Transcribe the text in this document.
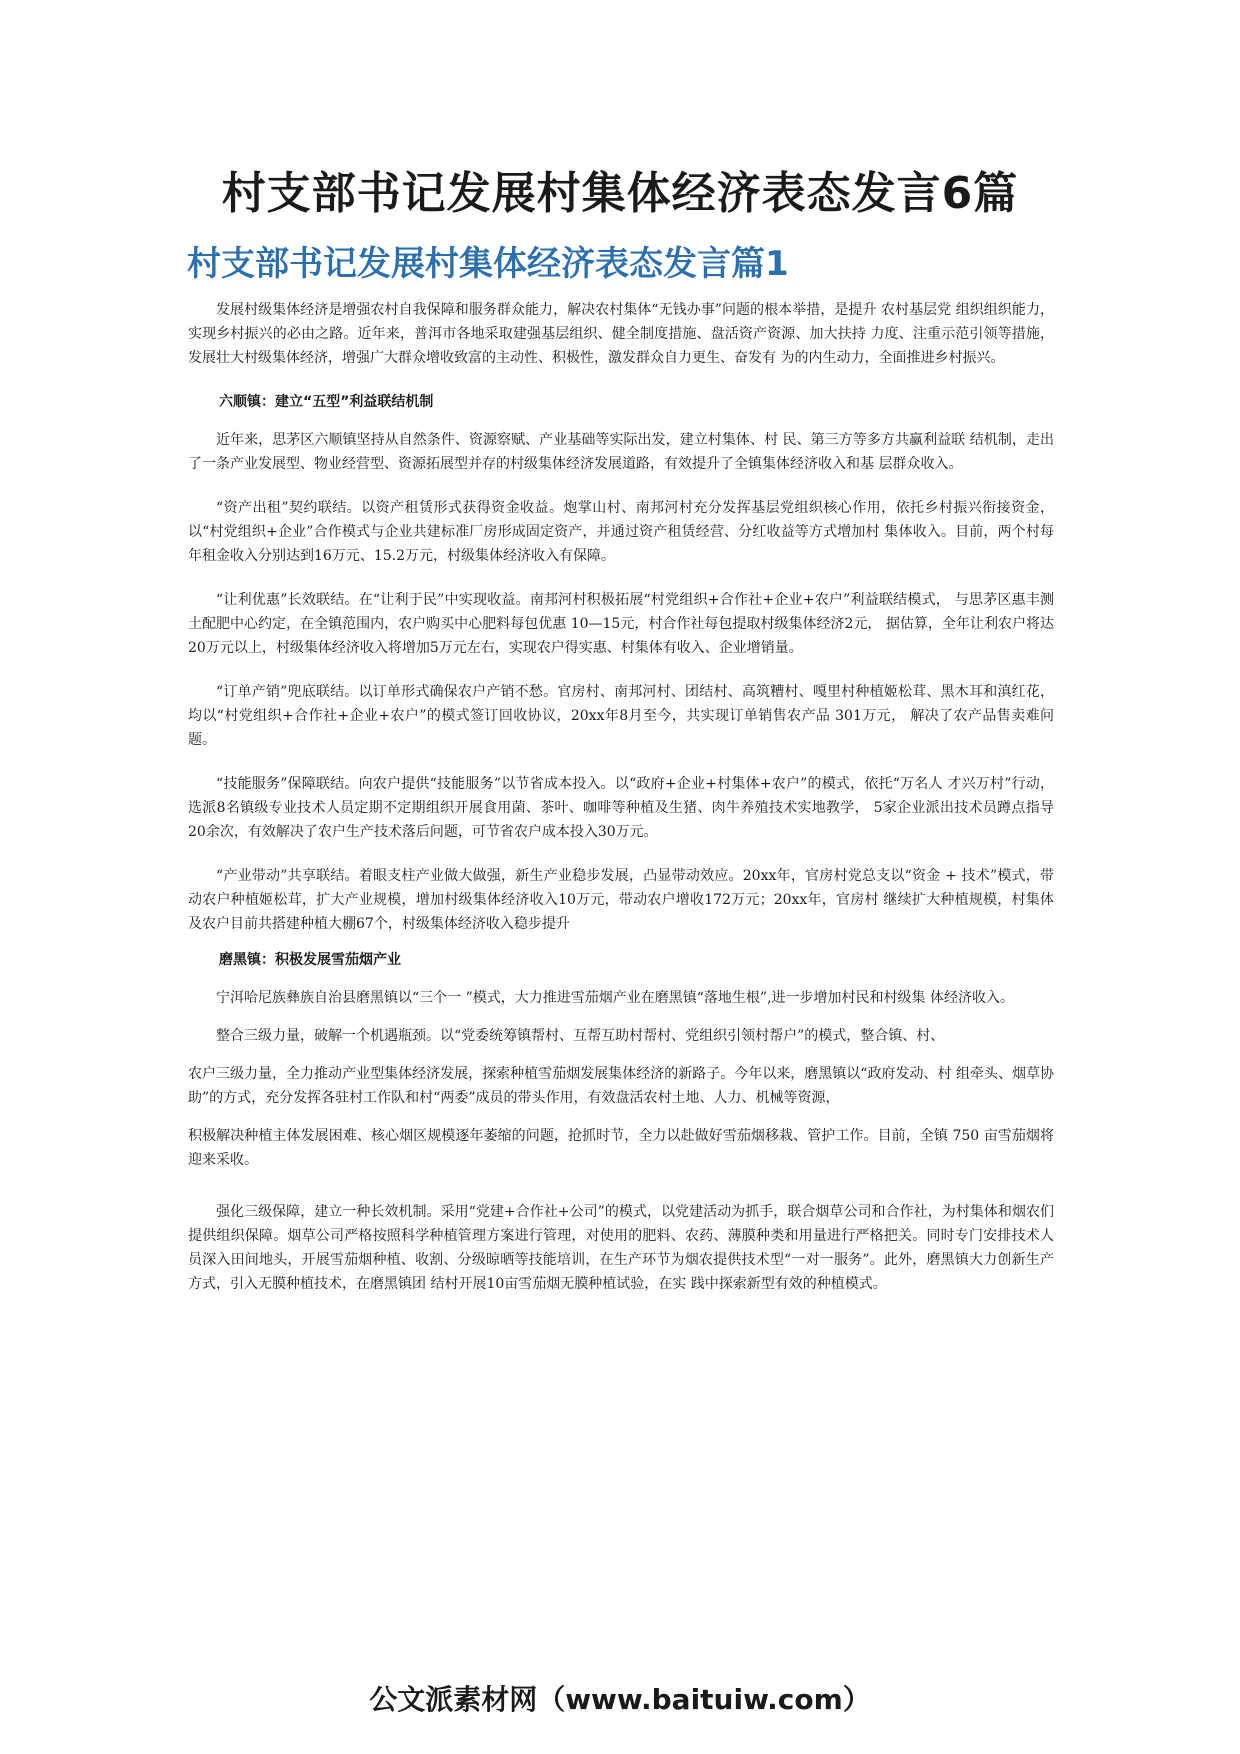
村支部书记发展村集体经济表态发言6篇
村支部书记发展村集体经济表态发言篇1

发展村级集体经济是增强农村自我保障和服务群众能力，解决农村集体“无钱办事”问题的根本举措，是提升 农村基层党 组织组织能力，实现乡村振兴的必由之路。近年来，普洱市各地采取建强基层组织、健全制度措施、盘活资产资源、加大扶持 力度、注重示范引领等措施，发展壮大村级集体经济，增强广大群众增收致富的主动性、积极性，激发群众自力更生、奋发有 为的内生动力，全面推进乡村振兴。

六顺镇：建立“五型”利益联结机制

近年来，思茅区六顺镇坚持从自然条件、资源察赋、产业基础等实际出发，建立村集体、村 民、第三方等多方共赢利益联 结机制，走出了一条产业发展型、物业经营型、资源拓展型并存的村级集体经济发展道路，有效提升了全镇集体经济收入和基 层群众收入。

“资产出租”契约联结。以资产租赁形式获得资金收益。炮掌山村、南邦河村充分发挥基层党组织核心作用，依托乡村振兴衔接资金，以“村党组织+企业”合作模式与企业共建标准厂房形成固定资产，并通过资产租赁经营、分红收益等方式增加村 集体收入。目前，两个村每年租金收入分别达到16万元、15.2万元，村级集体经济收入有保障。

“让利优惠”长效联结。在“让利于民”中实现收益。南邦河村积极拓展“村党组织+合作社+企业+农户”利益联结模式， 与思茅区惠丰测土配肥中心约定，在全镇范围内，农户购买中心肥料每包优惠 10—15元，村合作社每包提取村级集体经济2元， 据估算，全年让利农户将达20万元以上，村级集体经济收入将增加5万元左右，实现农户得实惠、村集体有收入、企业增销量。

“订单产销”兜底联结。以订单形式确保农户产销不愁。官房村、南邦河村、团结村、高筑糟村、嘎里村种植姬松茸、黑木耳和滇红花，均以“村党组织+合作社+企业+农户”的模式签订回收协议，20xx年8月至今，共实现订单销售农产品 301万元， 解决了农产品售卖难问题。

“技能服务”保障联结。向农户提供“技能服务”以节省成本投入。以“政府+企业+村集体+农户”的模式，依托“万名人 才兴万村”行动，选派8名镇级专业技术人员定期不定期组织开展食用菌、茶叶、咖啡等种植及生猪、肉牛养殖技术实地教学， 5家企业派出技术员蹲点指导20余次，有效解决了农户生产技术落后问题，可节省农户成本投入30万元。

“产业带动”共享联结。着眼支柱产业做大做强，新生产业稳步发展，凸显带动效应。20xx年，官房村党总支以“资金 + 技术”模式，带动农户种植姬松茸，扩大产业规模，增加村级集体经济收入10万元，带动农户增收172万元；20xx年，官房村 继续扩大种植规模，村集体及农户目前共搭建种植大棚67个，村级集体经济收入稳步提升

磨黑镇：积极发展雪茄烟产业

宁洱哈尼族彝族自治县磨黑镇以“三个一 ”模式，大力推进雪茄烟产业在磨黑镇“落地生根”,进一步增加村民和村级集 体经济收入。

整合三级力量，破解一个机遇瓶颈。以“党委统筹镇帮村、互帮互助村帮村、党组织引领村帮户”的模式，整合镇、村、

农户三级力量，全力推动产业型集体经济发展，探索种植雪茄烟发展集体经济的新路子。今年以来，磨黑镇以“政府发动、村 组牵头、烟草协助”的方式，充分发挥各驻村工作队和村“两委”成员的带头作用，有效盘活农村土地、人力、机械等资源，

积极解决种植主体发展困难、核心烟区规模逐年萎缩的问题，抢抓时节，全力以赴做好雪茄烟移栽、管护工作。目前，全镇 750 亩雪茄烟将迎来采收。

强化三级保障，建立一种长效机制。采用“党建+合作社+公司”的模式，以党建活动为抓手，联合烟草公司和合作社，为村集体和烟农们提供组织保障。烟草公司严格按照科学种植管理方案进行管理，对使用的肥料、农药、薄膜种类和用量进行严格把关。同时专门安排技术人员深入田间地头，开展雪茄烟种植、收割、分级晾晒等技能培训，在生产环节为烟农提供技术型“一对一服务”。此外，磨黑镇大力创新生产方式，引入无膜种植技术，在磨黑镇团 结村开展10亩雪茄烟无膜种植试验，在实 践中探索新型有效的种植模式。

公文派素材网（www.baituiw.com）
